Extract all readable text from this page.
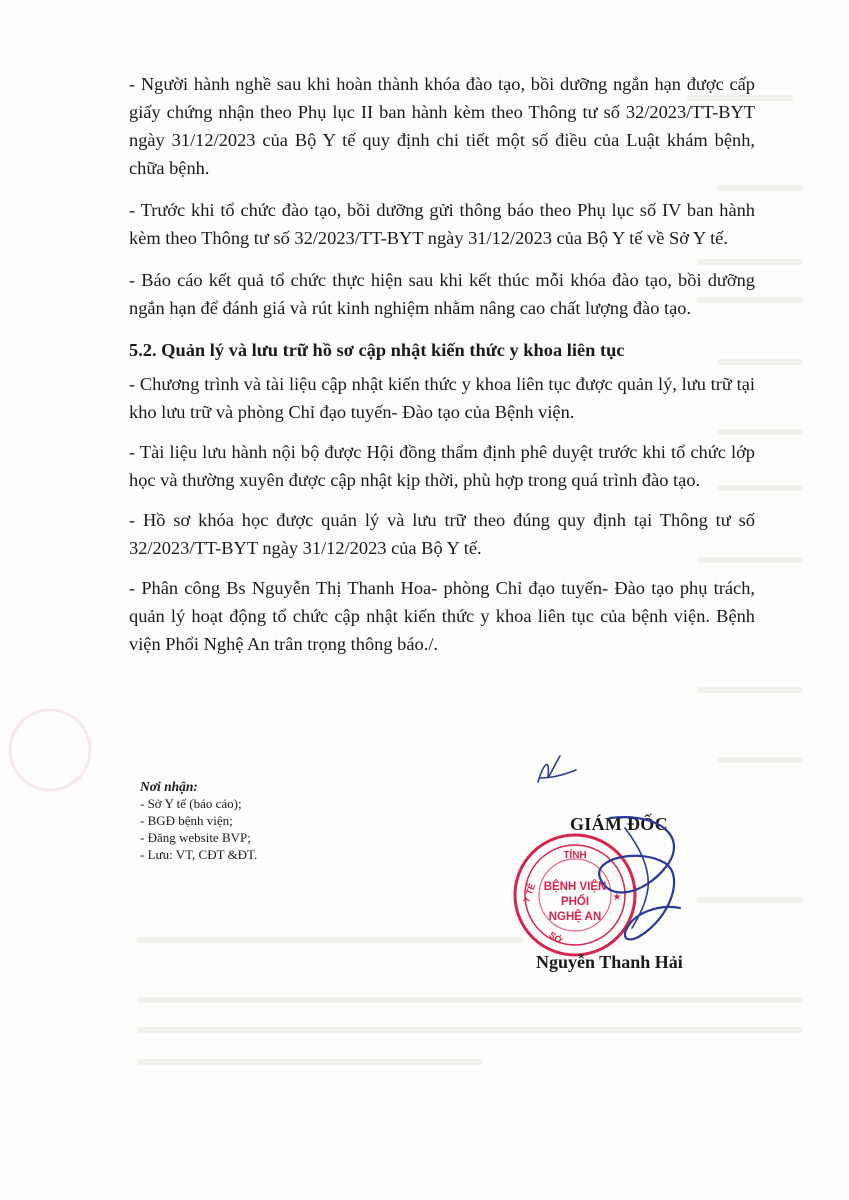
- Người hành nghề sau khi hoàn thành khóa đào tạo, bồi dưỡng ngắn hạn được cấp giấy chứng nhận theo Phụ lục II ban hành kèm theo Thông tư số 32/2023/TT-BYT ngày 31/12/2023 của Bộ Y tế quy định chi tiết một số điều của Luật khám bệnh, chữa bệnh.

- Trước khi tổ chức đào tạo, bồi dưỡng gửi thông báo theo Phụ lục số IV ban hành kèm theo Thông tư số 32/2023/TT-BYT ngày 31/12/2023 của Bộ Y tế về Sở Y tế.

- Báo cáo kết quả tổ chức thực hiện sau khi kết thúc mỗi khóa đào tạo, bồi dưỡng ngắn hạn để đánh giá và rút kinh nghiệm nhằm nâng cao chất lượng đào tạo.

5.2. Quản lý và lưu trữ hồ sơ cập nhật kiến thức y khoa liên tục

- Chương trình và tài liệu cập nhật kiến thức y khoa liên tục được quản lý, lưu trữ tại kho lưu trữ và phòng Chỉ đạo tuyến- Đào tạo của Bệnh viện.

- Tài liệu lưu hành nội bộ được Hội đồng thẩm định phê duyệt trước khi tổ chức lớp học và thường xuyên được cập nhật kịp thời, phù hợp trong quá trình đào tạo.

- Hồ sơ khóa học được quản lý và lưu trữ theo đúng quy định tại Thông tư số 32/2023/TT-BYT ngày 31/12/2023 của Bộ Y tế.

- Phân công Bs Nguyễn Thị Thanh Hoa- phòng Chỉ đạo tuyến- Đào tạo phụ trách, quản lý hoạt động tổ chức cập nhật kiến thức y khoa liên tục của bệnh viện. Bệnh viện Phổi Nghệ An trân trọng thông báo./.

Nơi nhận:
- Sở Y tế (báo cáo);
- BGĐ bệnh viện;
- Đăng website BVP;
- Lưu: VT, CĐT &ĐT.
GIÁM ĐỐC
TỈNH
Y TẾ
SỞ
BỆNH VIỆN
PHỔI
NGHỆ AN
★
Nguyễn Thanh Hải
